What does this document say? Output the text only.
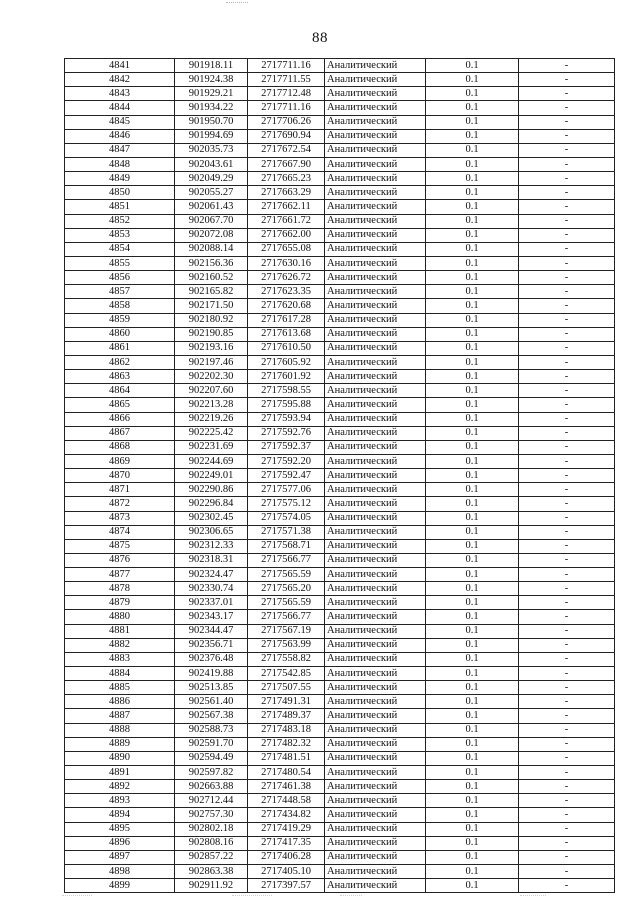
88
4841	901918.11	2717711.16	Аналитический	0.1	-
4842	901924.38	2717711.55	Аналитический	0.1	-
4843	901929.21	2717712.48	Аналитический	0.1	-
4844	901934.22	2717711.16	Аналитический	0.1	-
4845	901950.70	2717706.26	Аналитический	0.1	-
4846	901994.69	2717690.94	Аналитический	0.1	-
4847	902035.73	2717672.54	Аналитический	0.1	-
4848	902043.61	2717667.90	Аналитический	0.1	-
4849	902049.29	2717665.23	Аналитический	0.1	-
4850	902055.27	2717663.29	Аналитический	0.1	-
4851	902061.43	2717662.11	Аналитический	0.1	-
4852	902067.70	2717661.72	Аналитический	0.1	-
4853	902072.08	2717662.00	Аналитический	0.1	-
4854	902088.14	2717655.08	Аналитический	0.1	-
4855	902156.36	2717630.16	Аналитический	0.1	-
4856	902160.52	2717626.72	Аналитический	0.1	-
4857	902165.82	2717623.35	Аналитический	0.1	-
4858	902171.50	2717620.68	Аналитический	0.1	-
4859	902180.92	2717617.28	Аналитический	0.1	-
4860	902190.85	2717613.68	Аналитический	0.1	-
4861	902193.16	2717610.50	Аналитический	0.1	-
4862	902197.46	2717605.92	Аналитический	0.1	-
4863	902202.30	2717601.92	Аналитический	0.1	-
4864	902207.60	2717598.55	Аналитический	0.1	-
4865	902213.28	2717595.88	Аналитический	0.1	-
4866	902219.26	2717593.94	Аналитический	0.1	-
4867	902225.42	2717592.76	Аналитический	0.1	-
4868	902231.69	2717592.37	Аналитический	0.1	-
4869	902244.69	2717592.20	Аналитический	0.1	-
4870	902249.01	2717592.47	Аналитический	0.1	-
4871	902290.86	2717577.06	Аналитический	0.1	-
4872	902296.84	2717575.12	Аналитический	0.1	-
4873	902302.45	2717574.05	Аналитический	0.1	-
4874	902306.65	2717571.38	Аналитический	0.1	-
4875	902312.33	2717568.71	Аналитический	0.1	-
4876	902318.31	2717566.77	Аналитический	0.1	-
4877	902324.47	2717565.59	Аналитический	0.1	-
4878	902330.74	2717565.20	Аналитический	0.1	-
4879	902337.01	2717565.59	Аналитический	0.1	-
4880	902343.17	2717566.77	Аналитический	0.1	-
4881	902344.47	2717567.19	Аналитический	0.1	-
4882	902356.71	2717563.99	Аналитический	0.1	-
4883	902376.48	2717558.82	Аналитический	0.1	-
4884	902419.88	2717542.85	Аналитический	0.1	-
4885	902513.85	2717507.55	Аналитический	0.1	-
4886	902561.40	2717491.31	Аналитический	0.1	-
4887	902567.38	2717489.37	Аналитический	0.1	-
4888	902588.73	2717483.18	Аналитический	0.1	-
4889	902591.70	2717482.32	Аналитический	0.1	-
4890	902594.49	2717481.51	Аналитический	0.1	-
4891	902597.82	2717480.54	Аналитический	0.1	-
4892	902663.88	2717461.38	Аналитический	0.1	-
4893	902712.44	2717448.58	Аналитический	0.1	-
4894	902757.30	2717434.82	Аналитический	0.1	-
4895	902802.18	2717419.29	Аналитический	0.1	-
4896	902808.16	2717417.35	Аналитический	0.1	-
4897	902857.22	2717406.28	Аналитический	0.1	-
4898	902863.38	2717405.10	Аналитический	0.1	-
4899	902911.92	2717397.57	Аналитический	0.1	-
